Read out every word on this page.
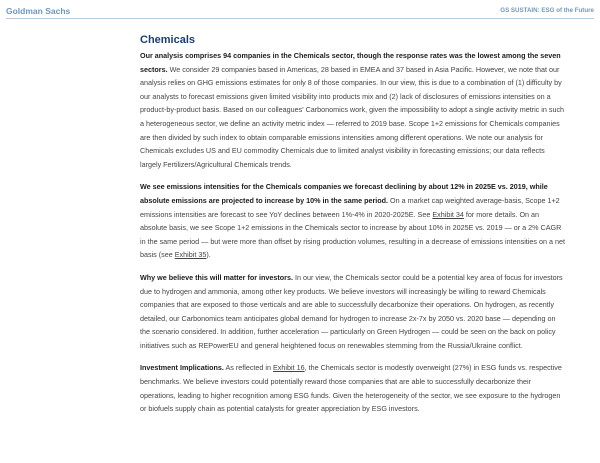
Goldman Sachs	GS SUSTAIN: ESG of the Future
Chemicals

Our analysis comprises 94 companies in the Chemicals sector, though the response rates was the lowest among the seven sectors. We consider 29 companies based in Americas, 28 based in EMEA and 37 based in Asia Pacific. However, we note that our analysis relies on GHG emissions estimates for only 8 of those companies. In our view, this is due to a combination of (1) difficulty by our analysts to forecast emissions given limited visibility into products mix and (2) lack of disclosures of emissions intensities on a product-by-product basis. Based on our colleagues' Carbonomics work, given the impossibility to adopt a single activity metric in such a heterogeneous sector, we define an activity metric index — referred to 2019 base. Scope 1+2 emissions for Chemicals companies are then divided by such index to obtain comparable emissions intensities among different operations. We note our analysis for Chemicals excludes US and EU commodity Chemicals due to limited analyst visibility in forecasting emissions; our data reflects largely Fertilizers/Agricultural Chemicals trends.

We see emissions intensities for the Chemicals companies we forecast declining by about 12% in 2025E vs. 2019, while absolute emissions are projected to increase by 10% in the same period. On a market cap weighted average-basis, Scope 1+2 emissions intensities are forecast to see YoY declines between 1%-4% in 2020-2025E. See Exhibit 34 for more details. On an absolute basis, we see Scope 1+2 emissions in the Chemicals sector to increase by about 10% in 2025E vs. 2019 — or a 2% CAGR in the same period — but were more than offset by rising production volumes, resulting in a decrease of emissions intensities on a net basis (see Exhibit 35).

Why we believe this will matter for investors. In our view, the Chemicals sector could be a potential key area of focus for investors due to hydrogen and ammonia, among other key products. We believe investors will increasingly be willing to reward Chemicals companies that are exposed to those verticals and are able to successfully decarbonize their operations. On hydrogen, as recently detailed, our Carbonomics team anticipates global demand for hydrogen to increase 2x-7x by 2050 vs. 2020 base — depending on the scenario considered. In addition, further acceleration — particularly on Green Hydrogen — could be seen on the back on policy initiatives such as REPowerEU and general heightened focus on renewables stemming from the Russia/Ukraine conflict.

Investment Implications. As reflected in Exhibit 16, the Chemicals sector is modestly overweight (27%) in ESG funds vs. respective benchmarks. We believe investors could potentially reward those companies that are able to successfully decarbonize their operations, leading to higher recognition among ESG funds. Given the heterogeneity of the sector, we see exposure to the hydrogen or biofuels supply chain as potential catalysts for greater appreciation by ESG investors.
